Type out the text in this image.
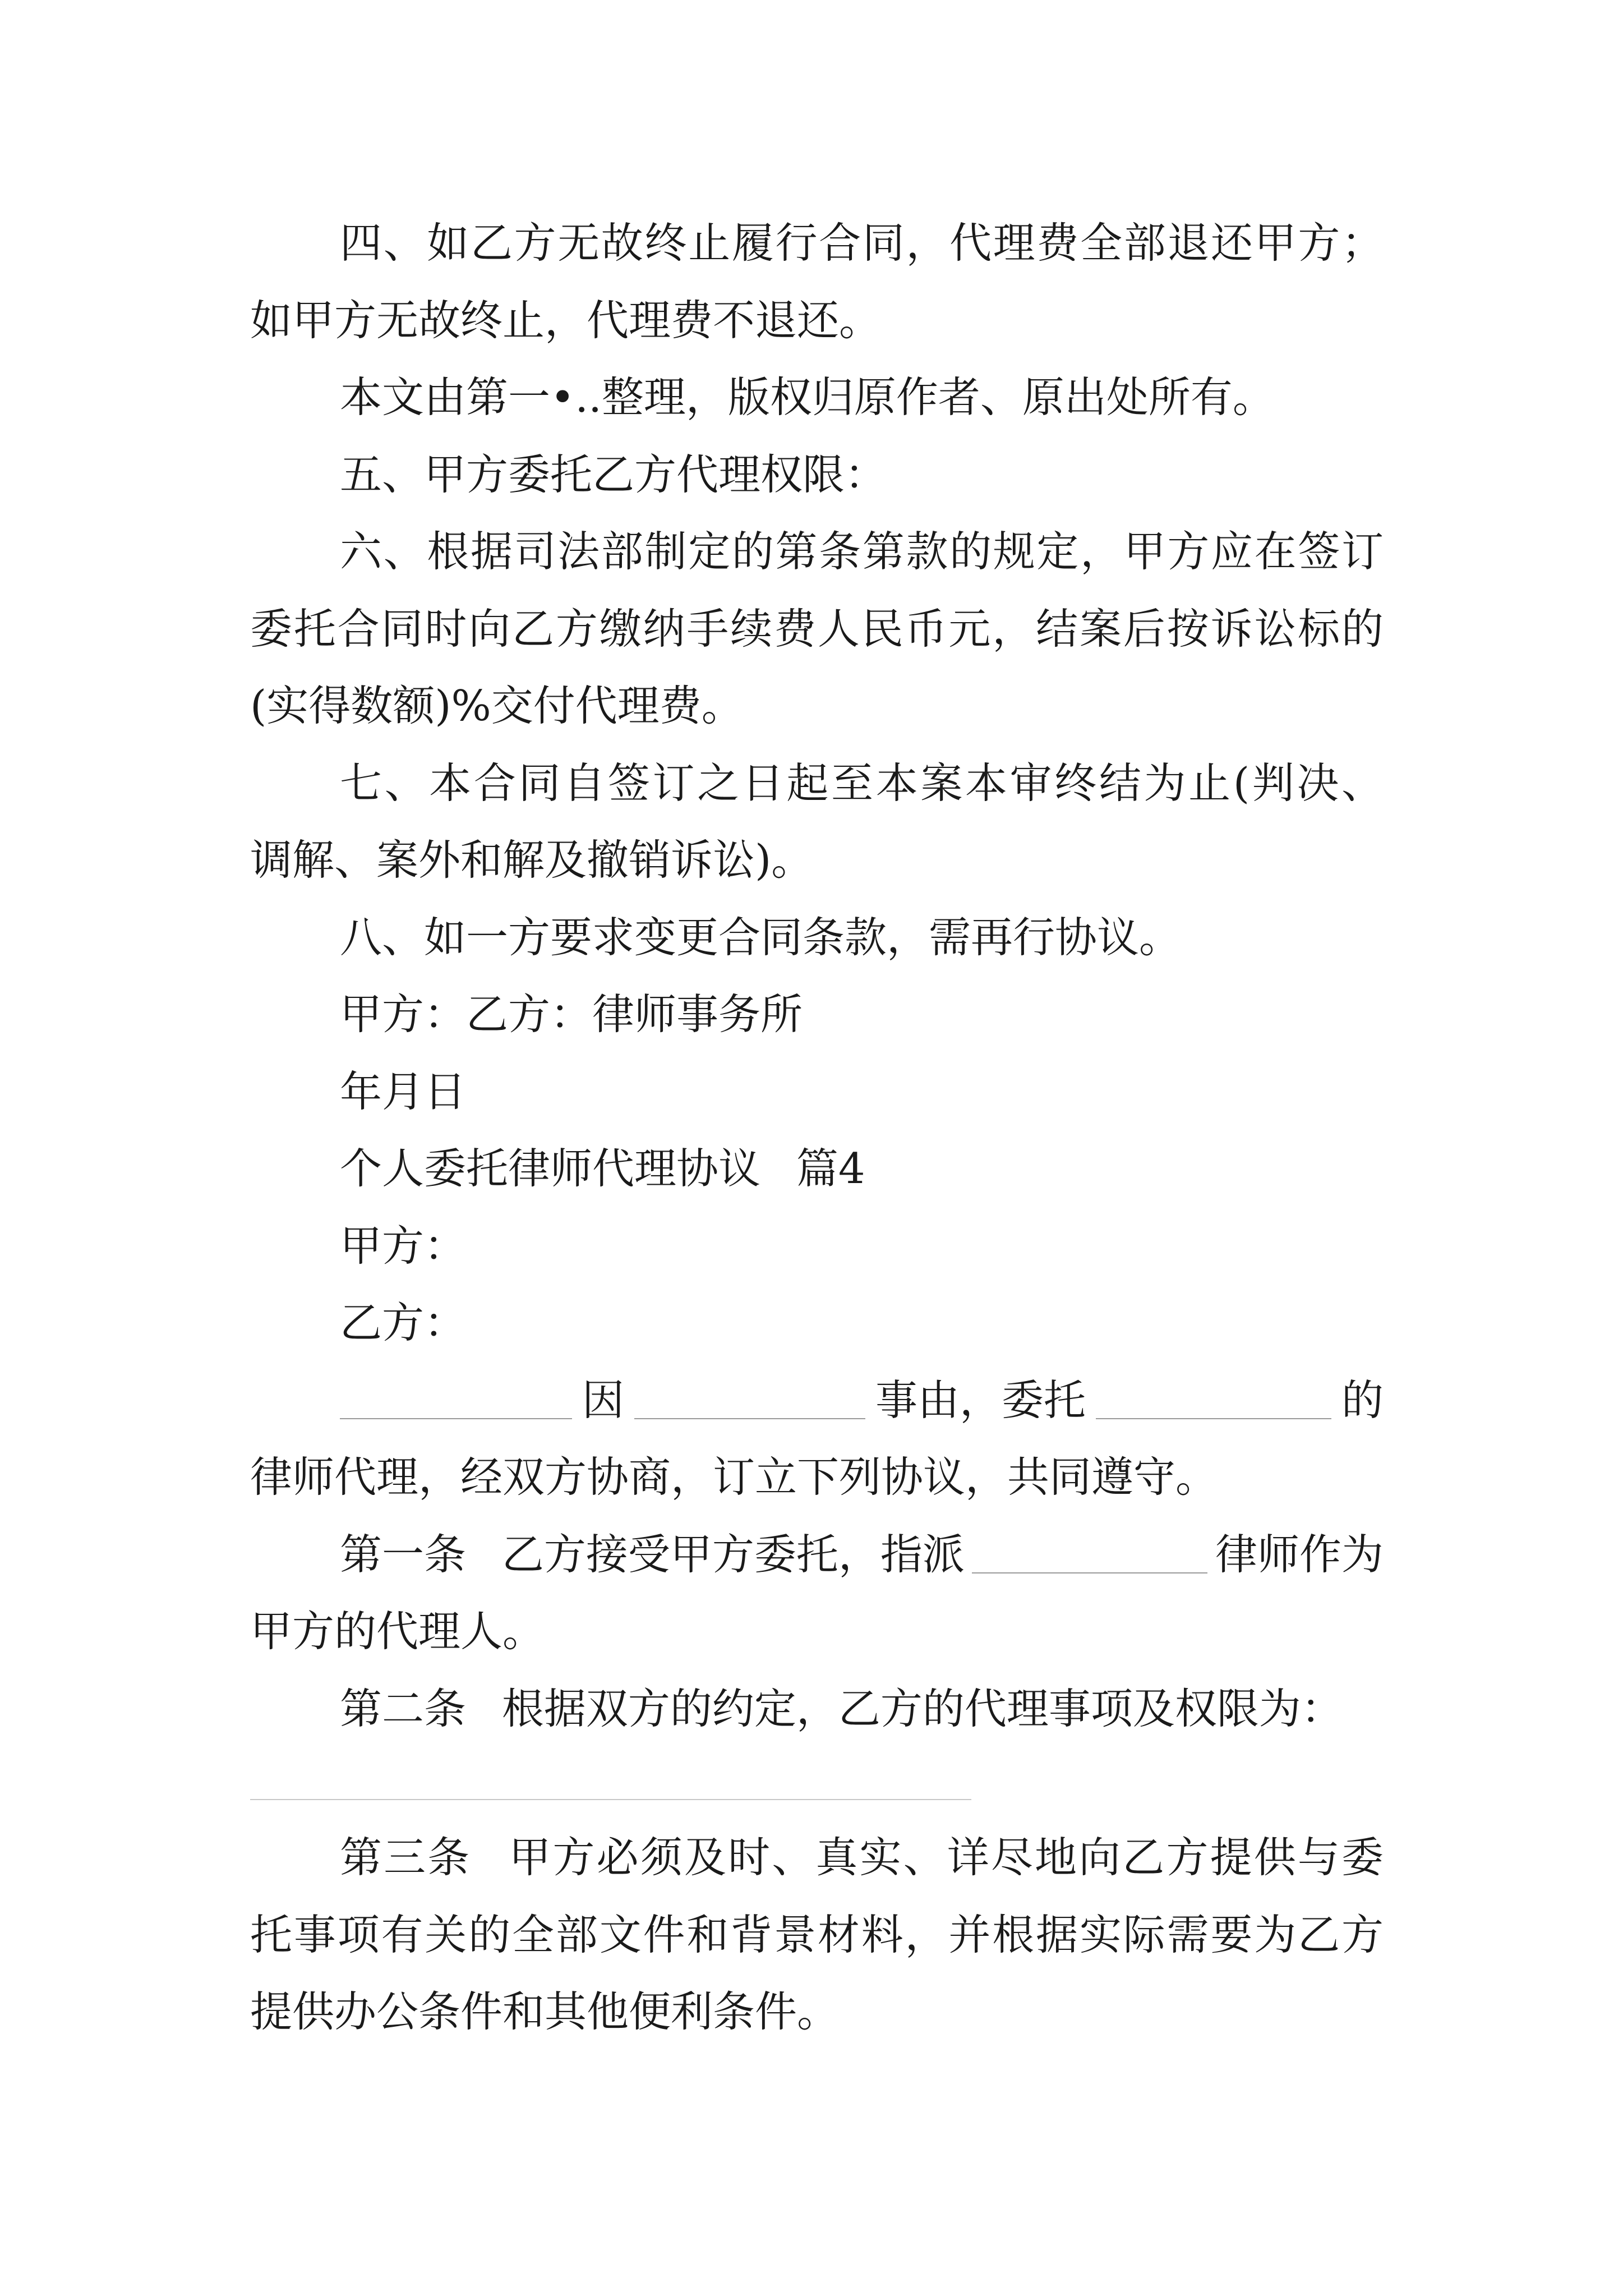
四、如乙方无故终止履行合同，代理费全部退还甲方；
如甲方无故终止，代理费不退还。
本文由第一•..整理，版权归原作者、原出处所有。
五、甲方委托乙方代理权限：
六、根据司法部制定的第条第款的规定，甲方应在签订
委托合同时向乙方缴纳手续费人民币元，结案后按诉讼标的
(实得数额)%交付代理费。
七、本合同自签订之日起至本案本审终结为止(判决、
调解、案外和解及撤销诉讼)。
八、如一方要求变更合同条款，需再行协议。
甲方：乙方：律师事务所
年月日
个人委托律师代理协议 篇4
甲方：
乙方：
因	事由，委托	的
律师代理，经双方协商，订立下列协议，共同遵守。
第一条 乙方接受甲方委托，指派	律师作为
甲方的代理人。
第二条 根据双方的约定，乙方的代理事项及权限为：
第三条 甲方必须及时、真实、详尽地向乙方提供与委
托事项有关的全部文件和背景材料，并根据实际需要为乙方
提供办公条件和其他便利条件。
